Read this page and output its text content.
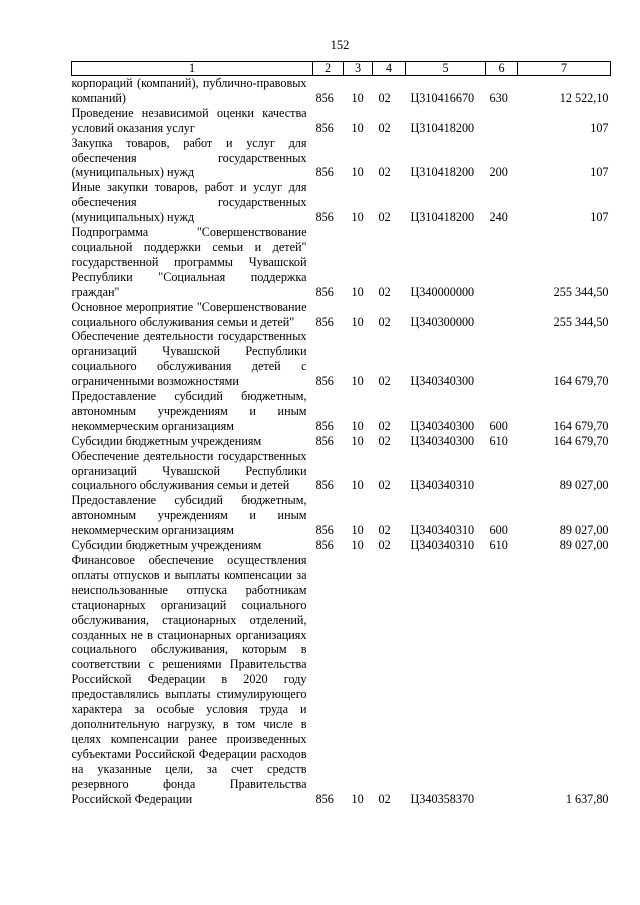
152
1	2	3	4	5	6	7
корпораций (компаний), публично-правовых компаний)	856	10	02	Ц310416670	630	12 522,10
Проведение независимой оценки качества условий оказания услуг	856	10	02	Ц310418200		107
Закупка товаров, работ и услуг для обеспечения государственных (муниципальных) нужд	856	10	02	Ц310418200	200	107
Иные закупки товаров, работ и услуг для обеспечения государственных (муниципальных) нужд	856	10	02	Ц310418200	240	107
Подпрограмма "Совершенствование социальной поддержки семьи и детей" государственной программы Чувашской Республики "Социальная поддержка граждан"	856	10	02	Ц340000000		255 344,50
Основное мероприятие "Совершенствование социального обслуживания семьи и детей"	856	10	02	Ц340300000		255 344,50
Обеспечение деятельности государственных организаций Чувашской Республики социального обслуживания детей с ограниченными возможностями	856	10	02	Ц340340300		164 679,70
Предоставление субсидий бюджетным, автономным учреждениям и иным некоммерческим организациям	856	10	02	Ц340340300	600	164 679,70
Субсидии бюджетным учреждениям	856	10	02	Ц340340300	610	164 679,70
Обеспечение деятельности государственных организаций Чувашской Республики социального обслуживания семьи и детей	856	10	02	Ц340340310		89 027,00
Предоставление субсидий бюджетным, автономным учреждениям и иным некоммерческим организациям	856	10	02	Ц340340310	600	89 027,00
Субсидии бюджетным учреждениям	856	10	02	Ц340340310	610	89 027,00
Финансовое обеспечение осуществления оплаты отпусков и выплаты компенсации за неиспользованные отпуска работникам стационарных организаций социального обслуживания, стационарных отделений, созданных не в стационарных организациях социального обслуживания, которым в соответствии с решениями Правительства Российской Федерации в 2020 году предоставлялись выплаты стимулирующего характера за особые условия труда и дополнительную нагрузку, в том числе в целях компенсации ранее произведенных субъектами Российской Федерации расходов на указанные цели, за счет средств резервного фонда Правительства Российской Федерации	856	10	02	Ц340358370		1 637,80
